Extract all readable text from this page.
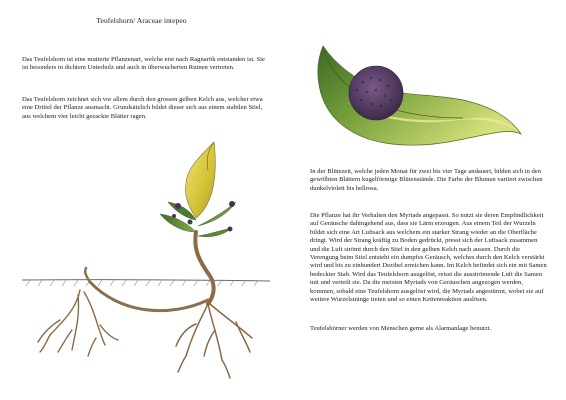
Teufelshorn/ Araceae intepeo

Das Teufelshorn ist eine mutierte Pflanzenart, welche erst nach Ragnarök entstanden ist. Sie ist besonders in dichtem Unterholz und auch in überwucherten Ruinen vertreten.

Das Teufelshorn zeichnet sich vor allem durch den grossen gelben Kelch aus, welcher etwa eine Drittel der Pflanze ausmacht. Grundsätzlich bildet dieser sich aus einem stabilen Stiel, aus welchem vier leicht gezackte Blätter ragen.

In der Blütezeit, welche jeden Monat für zwei bis vier Tage andauert, bilden sich in den gewölbten Blättern kugelförmige Blütenstände. Die Farbe der Blumen variiert zwischen dunkelviolett bis hellrosa.

Die Pflanze hat ihr Verhalten den Myriads angepasst. So nutzt sie deren Empfindlichkeit auf Geräusche dahingehend aus, dass sie Lärm erzeugen. Aus einem Teil der Wurzeln bildet sich eine Art Luftsack aus welchem ein starker Strang wieder an die Oberfläche dringt. Wird der Strang kräftig zu Boden gedrückt, presst sich der Luftsack zusammen und die Luft strömt durch den Stiel in den gelben Kelch nach aussen. Durch die Verengung beim Stiel entsteht ein dumpfes Geräusch, welches durch den Kelch verstärkt wird und bis zu einhundert Dezibel erreichen kann. Im Kelch befindet sich ein mit Samen bedeckter Stab. Wird das Teufelshorn ausgelöst, reisst die ausströmende Luft die Samen mit und verteilt sie. Da die meisten Myriads von Geräuschen angezogen werden, kommen, sobald eine Teufelshorn ausgelöst wird, die Myriads angestürmt, wobei sie auf weitere Wurzelstränge treten und so einen Kettenreaktion auslösen.

Teufelshörner werden von Menschen gerne als Alarmanlage benutzt.
